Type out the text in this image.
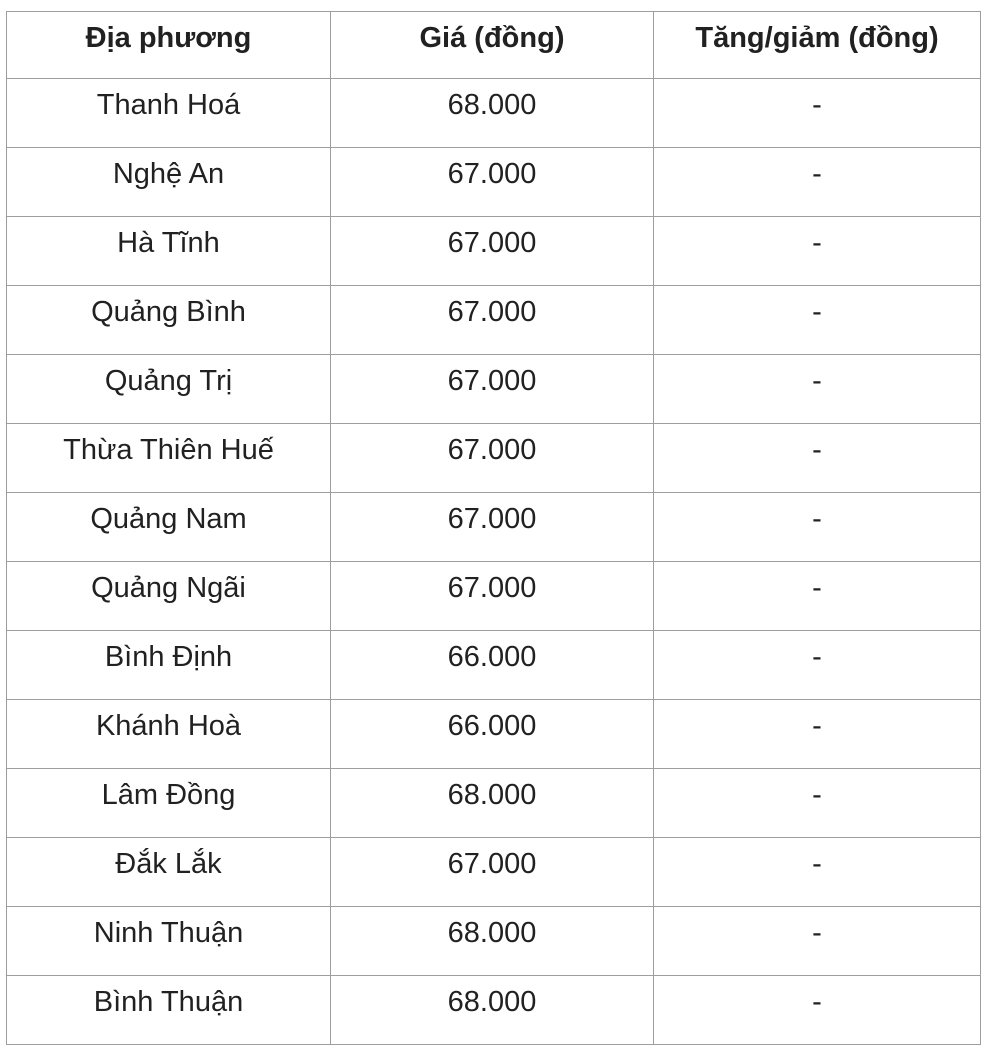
Địa phương	Giá (đồng)	Tăng/giảm (đồng)
Thanh Hoá	68.000	-
Nghệ An	67.000	-
Hà Tĩnh	67.000	-
Quảng Bình	67.000	-
Quảng Trị	67.000	-
Thừa Thiên Huế	67.000	-
Quảng Nam	67.000	-
Quảng Ngãi	67.000	-
Bình Định	66.000	-
Khánh Hoà	66.000	-
Lâm Đồng	68.000	-
Đắk Lắk	67.000	-
Ninh Thuận	68.000	-
Bình Thuận	68.000	-
